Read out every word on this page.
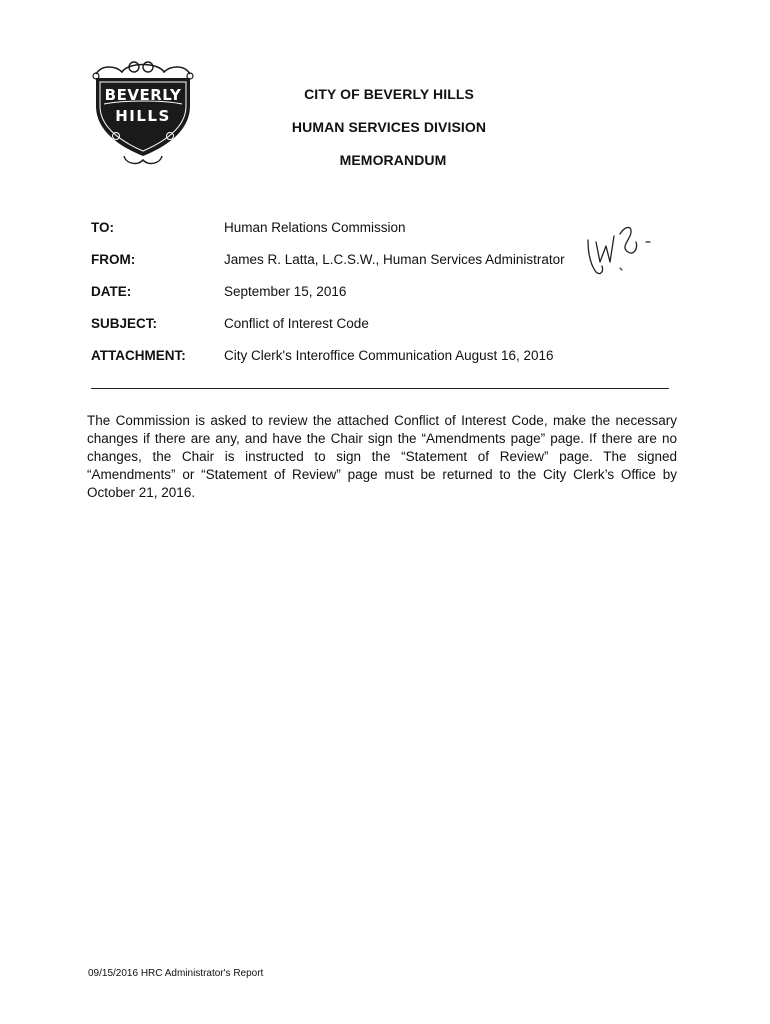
BEVERLY
HILLS
CITY OF BEVERLY HILLS
HUMAN SERVICES DIVISION
MEMORANDUM
TO:	Human Relations Commission
FROM:	James R. Latta, L.C.S.W., Human Services Administrator
DATE:	September 15, 2016
SUBJECT:	Conflict of Interest Code
ATTACHMENT:	City Clerk's Interoffice Communication August 16, 2016
The Commission is asked to review the attached Conflict of Interest Code, make the necessary changes if there are any, and have the Chair sign the “Amendments page” page. If there are no changes, the Chair is instructed to sign the “Statement of Review” page. The signed “Amendments” or “Statement of Review” page must be returned to the City Clerk’s Office by October 21, 2016.
09/15/2016 HRC Administrator's Report
